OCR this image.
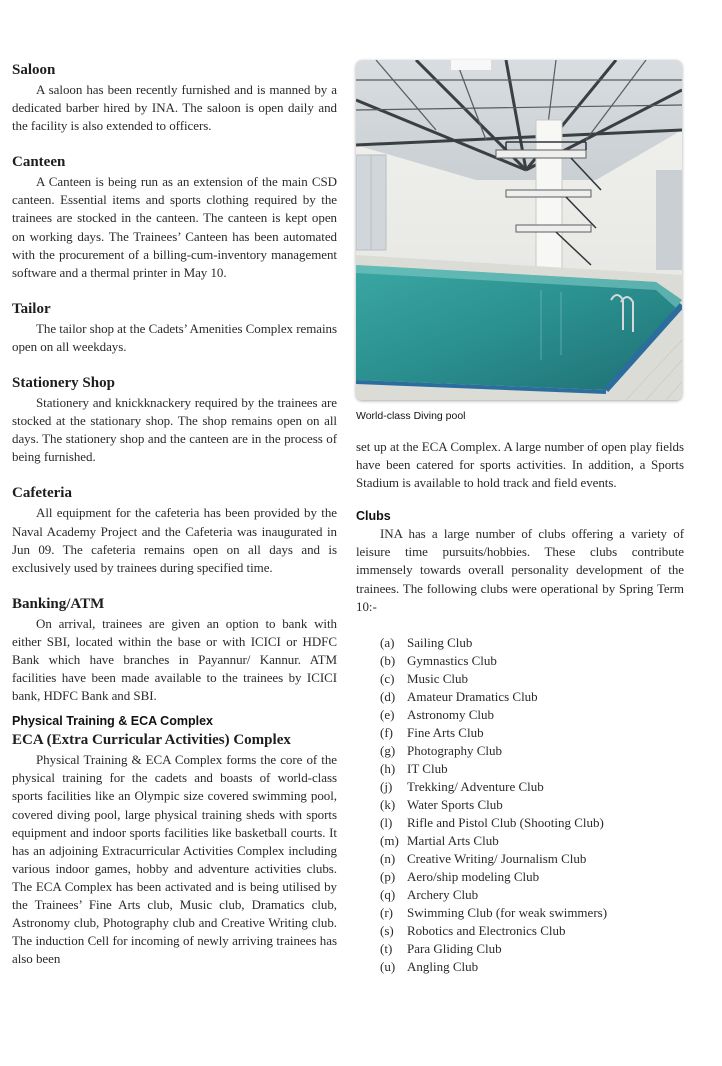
Saloon

A saloon has been recently furnished and is manned by a dedicated barber hired by INA. The saloon is open daily and the facility is also extended to officers.

Canteen

A Canteen is being run as an extension of the main CSD canteen. Essential items and sports clothing required by the trainees are stocked in the canteen. The canteen is kept open on working days. The Trainees’ Canteen has been automated with the procurement of a billing-cum-inventory management software and a thermal printer in May 10.

Tailor

The tailor shop at the Cadets’ Amenities Complex remains open on all weekdays.

Stationery Shop

Stationery and knickknackery required by the trainees are stocked at the stationary shop. The shop remains open on all days. The stationery shop and the canteen are in the process of being furnished.

Cafeteria

All equipment for the cafeteria has been provided by the Naval Academy Project and the Cafeteria was inaugurated in Jun 09. The cafeteria remains open on all days and is exclusively used by trainees during specified time.

Banking/ATM

On arrival, trainees are given an option to bank with either SBI, located within the base or with ICICI or HDFC Bank which have branches in Payannur/ Kannur. ATM facilities have been made available to the trainees by ICICI bank, HDFC Bank and SBI.

Physical Training & ECA Complex
ECA (Extra Curricular Activities) Complex

Physical Training & ECA Complex forms the core of the physical training for the cadets and boasts of world-class sports facilities like an Olympic size covered swimming pool, covered diving pool, large physical training sheds with sports equipment and indoor sports facilities like basketball courts. It has an adjoining Extracurricular Activities Complex including various indoor games, hobby and adventure activities clubs. The ECA Complex has been activated and is being utilised by the Trainees’ Fine Arts club, Music club, Dramatics club, Astronomy club, Photography club and Creative Writing club. The induction Cell for incoming of newly arriving trainees has also been

World-class Diving pool

set up at the ECA Complex. A large number of open play fields have been catered for sports activities. In addition, a Sports Stadium is available to hold track and field events.

Clubs

INA has a large number of clubs offering a variety of leisure time pursuits/hobbies. These clubs contribute immensely towards overall personality development of the trainees. The following clubs were operational by Spring Term 10:-

(a) Sailing Club
(b) Gymnastics Club
(c) Music Club
(d) Amateur Dramatics Club
(e) Astronomy Club
(f)	Fine Arts Club
(g) Photography Club
(h) IT Club
(j)	Trekking/ Adventure Club
(k) Water Sports Club
(l)	Rifle and Pistol Club (Shooting Club)
(m) Martial Arts Club
(n) Creative Writing/ Journalism Club
(p) Aero/ship modeling Club
(q) Archery Club
(r)	Swimming Club (for weak swimmers)
(s)	Robotics and Electronics Club
(t)	Para Gliding Club
(u) Angling Club
